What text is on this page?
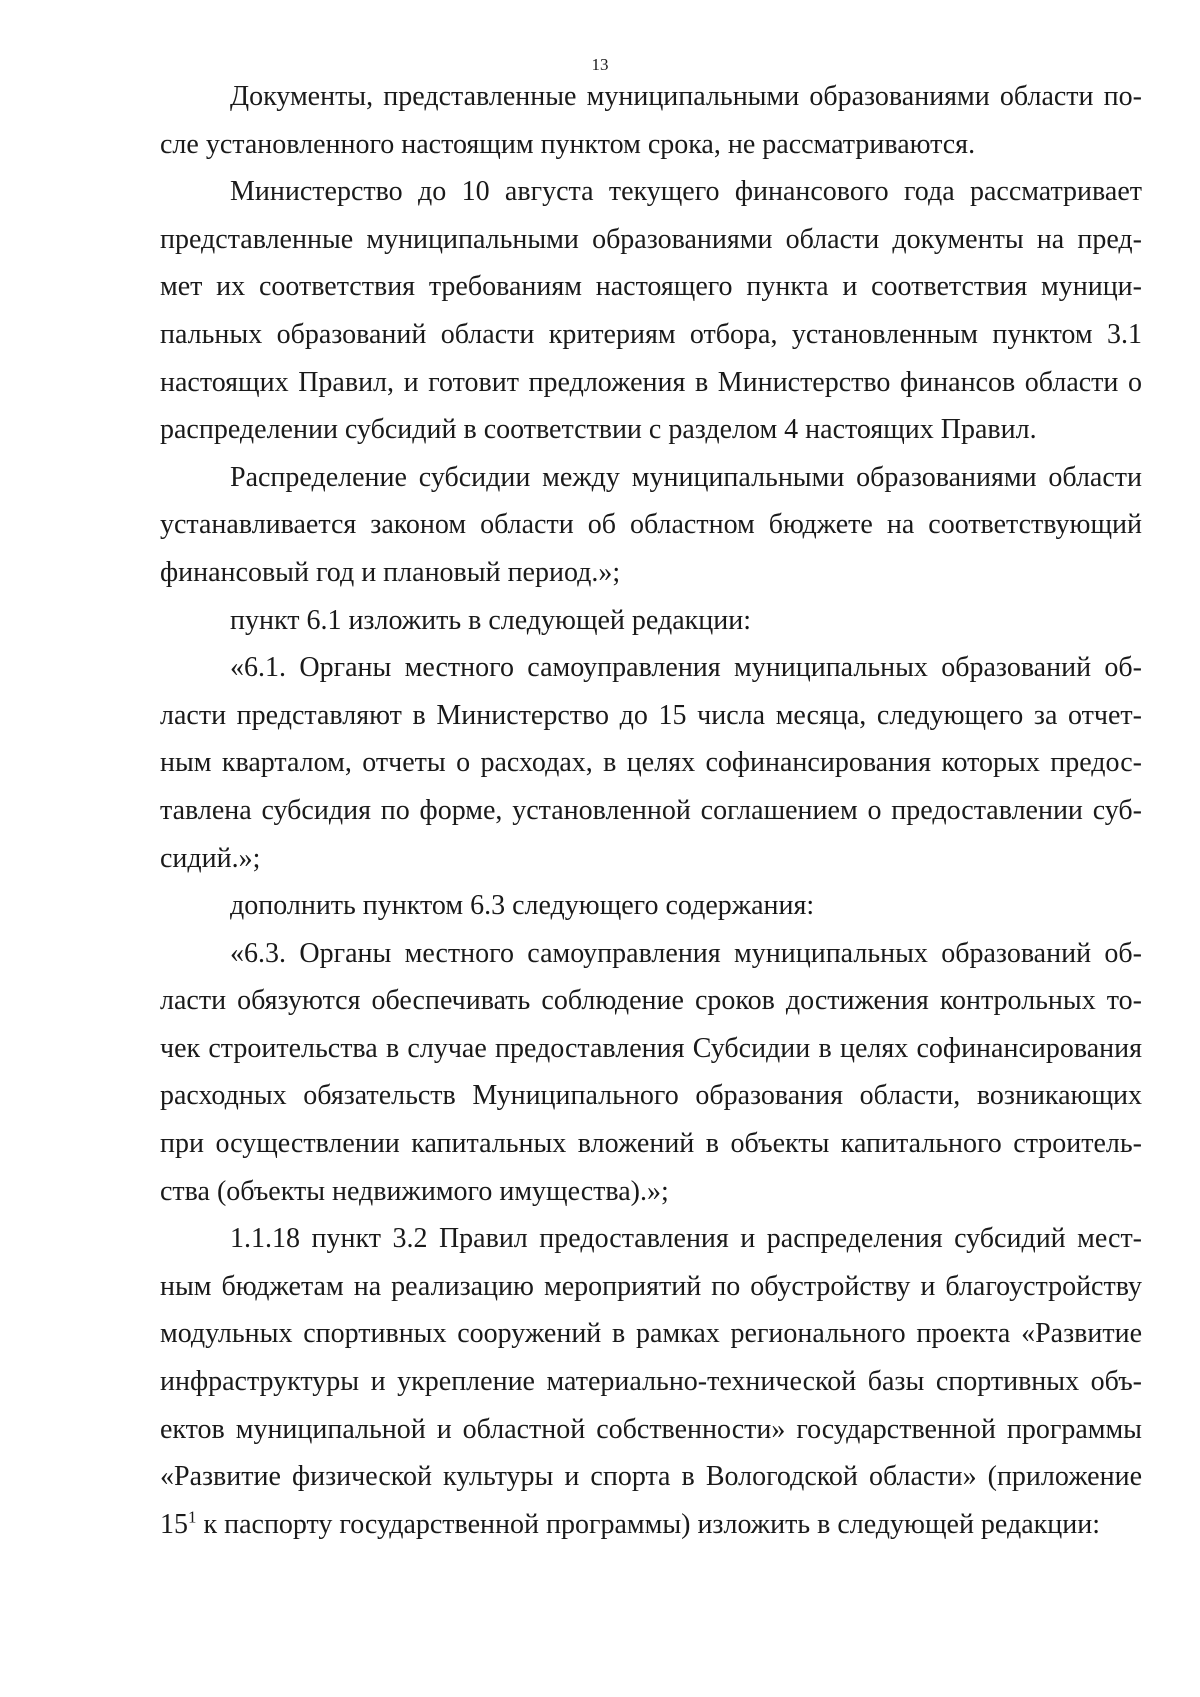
13

Документы, представленные муниципальными образованиями области по-
сле установленного настоящим пунктом срока, не рассматриваются.

Министерство до 10 августа текущего финансового года рассматривает
представленные муниципальными образованиями области документы на пред-
мет их соответствия требованиям настоящего пункта и соответствия муници-
пальных образований области критериям отбора, установленным пунктом 3.1
настоящих Правил, и готовит предложения в Министерство финансов области о
распределении субсидий в соответствии с разделом 4 настоящих Правил.

Распределение субсидии между муниципальными образованиями области
устанавливается законом области об областном бюджете на соответствующий
финансовый год и плановый период.»;

пункт 6.1 изложить в следующей редакции:

«6.1. Органы местного самоуправления муниципальных образований об-
ласти представляют в Министерство до 15 числа месяца, следующего за отчет-
ным кварталом, отчеты о расходах, в целях софинансирования которых предос-
тавлена субсидия по форме, установленной соглашением о предоставлении суб-
сидий.»;

дополнить пунктом 6.3 следующего содержания:

«6.3. Органы местного самоуправления муниципальных образований об-
ласти обязуются обеспечивать соблюдение сроков достижения контрольных то-
чек строительства в случае предоставления Субсидии в целях софинансирования
расходных обязательств Муниципального образования области, возникающих
при осуществлении капитальных вложений в объекты капитального строитель-
ства (объекты недвижимого имущества).»;

1.1.18 пункт 3.2 Правил предоставления и распределения субсидий мест-
ным бюджетам на реализацию мероприятий по обустройству и благоустройству
модульных спортивных сооружений в рамках регионального проекта «Развитие
инфраструктуры и укрепление материально-технической базы спортивных объ-
ектов муниципальной и областной собственности» государственной программы
«Развитие физической культуры и спорта в Вологодской области» (приложение
$15^1$ к паспорту государственной программы) изложить в следующей редакции:
